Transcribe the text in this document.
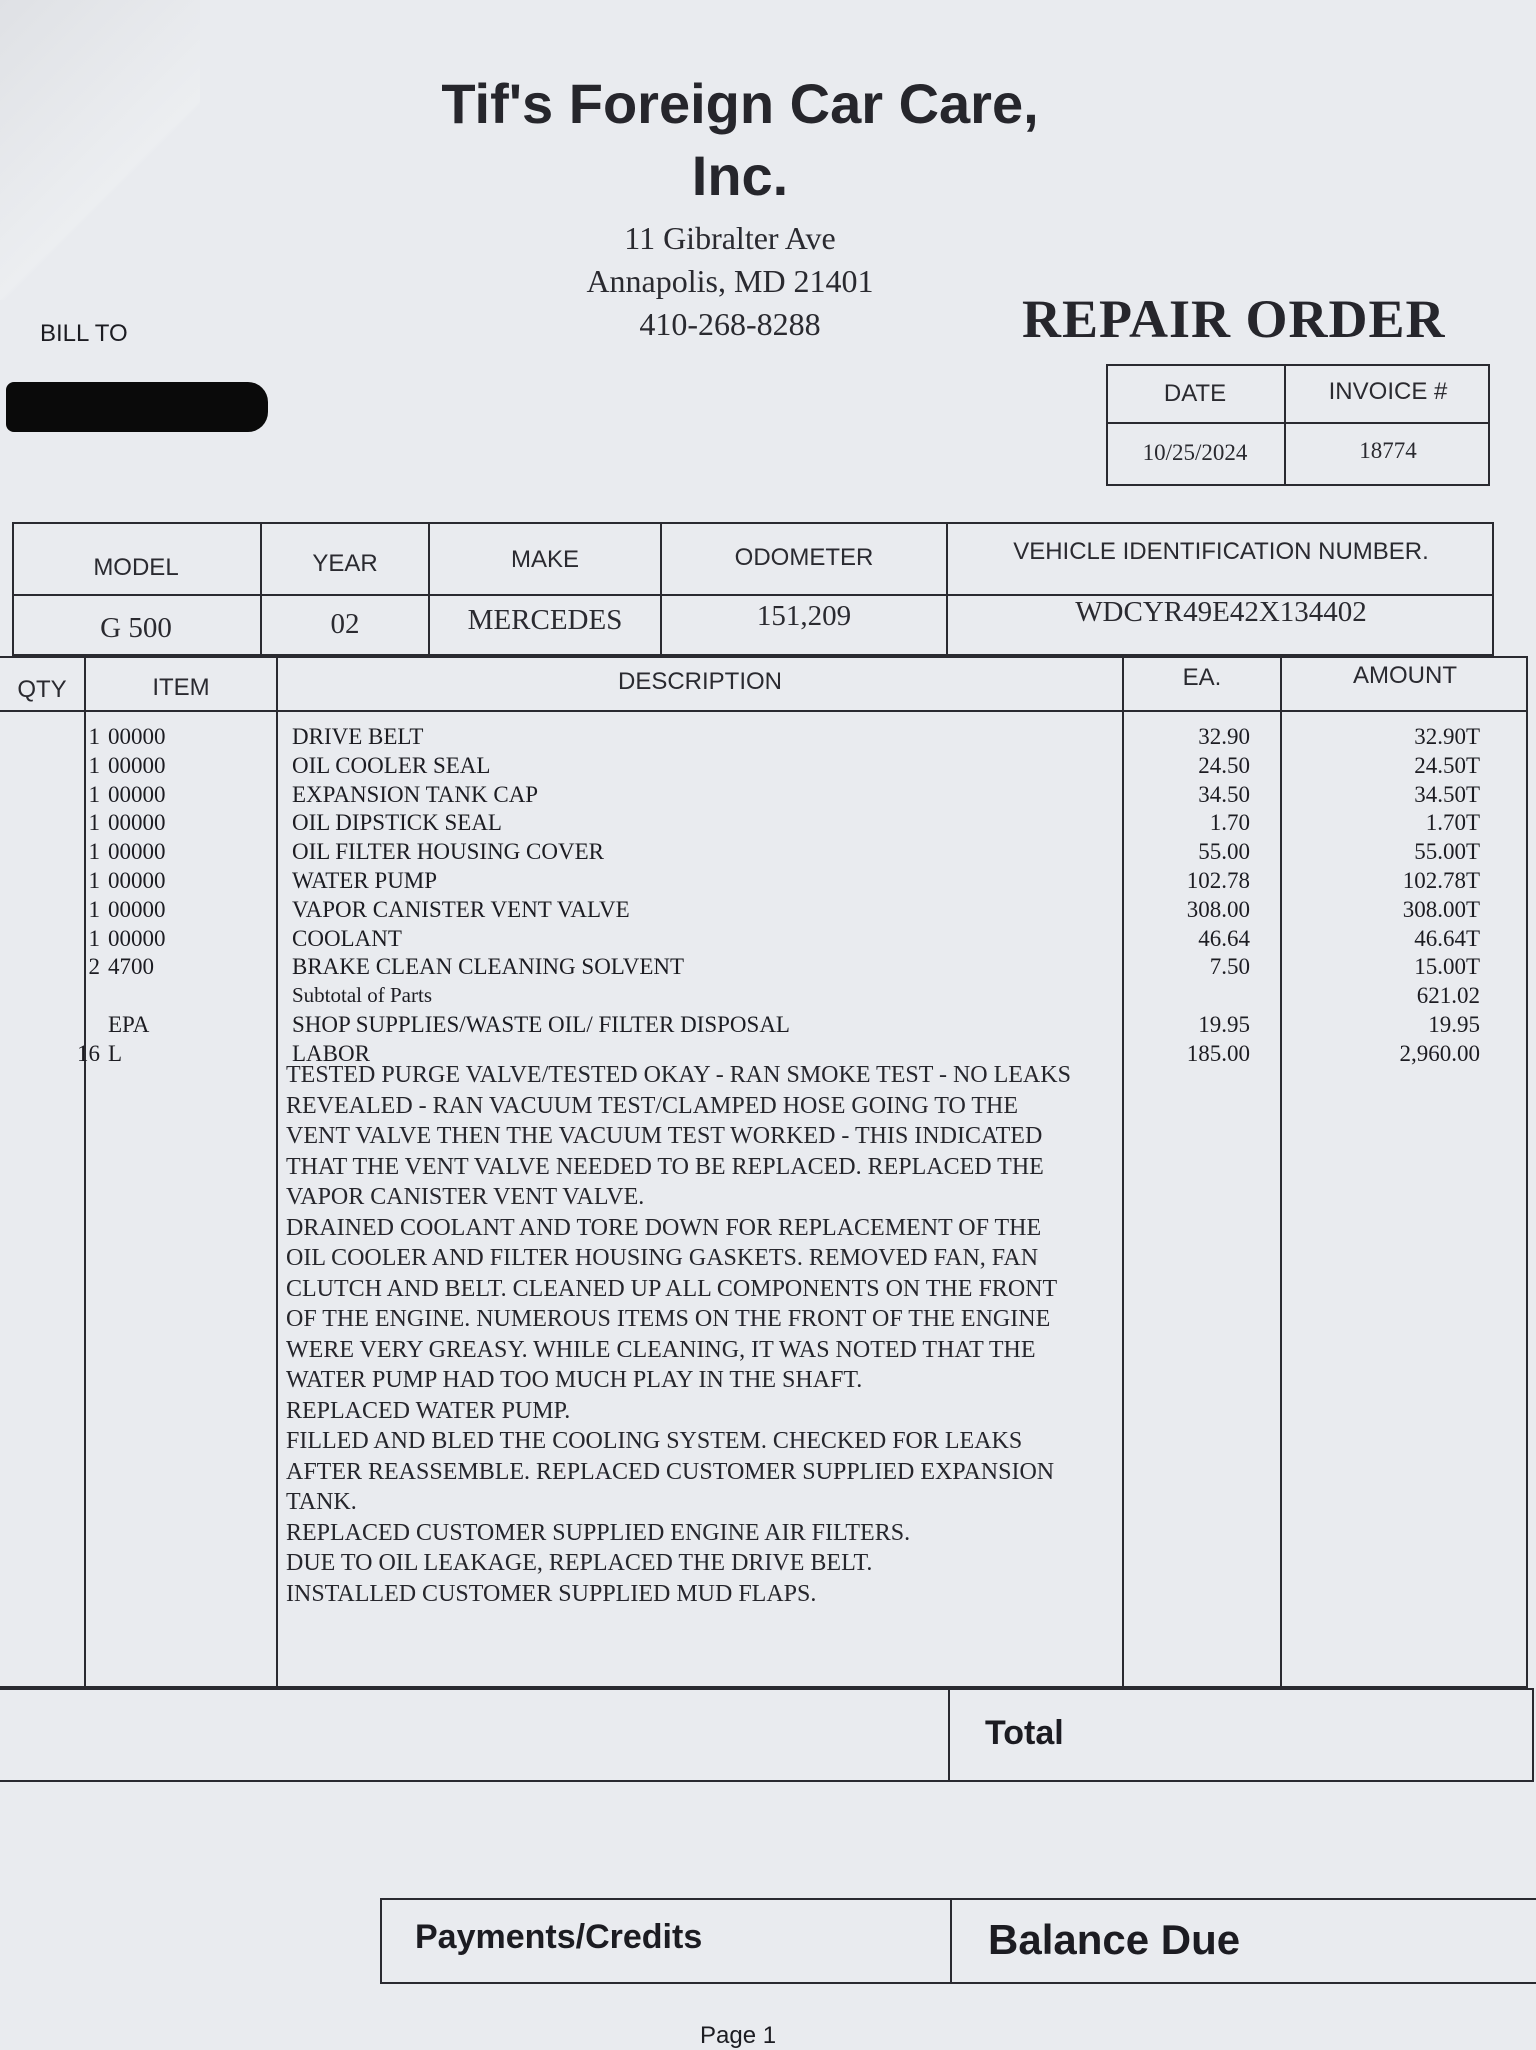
Tif's Foreign Car Care,
Inc.
11 Gibralter Ave
Annapolis, MD 21401
410-268-8288
BILL TO	REPAIR ORDER
DATE	INVOICE #
10/25/2024	18774
MODEL	YEAR	MAKE	ODOMETER	VEHICLE IDENTIFICATION NUMBER.
G 500	02	MERCEDES	151,209	WDCYR49E42X134402
QTY	ITEM	DESCRIPTION	EA.	AMOUNT
1 00000	DRIVE BELT	32.90	32.90T
1 00000	OIL COOLER SEAL	24.50	24.50T
1 00000	EXPANSION TANK CAP	34.50	34.50T
1 00000	OIL DIPSTICK SEAL	1.70	1.70T
1 00000	OIL FILTER HOUSING COVER	55.00	55.00T
1 00000	WATER PUMP	102.78	102.78T
1 00000	VAPOR CANISTER VENT VALVE	308.00	308.00T
1 00000	COOLANT	46.64	46.64T
2 4700	BRAKE CLEAN CLEANING SOLVENT	7.50	15.00T
Subtotal of Parts	621.02
EPA	SHOP SUPPLIES/WASTE OIL/ FILTER DISPOSAL	19.95	19.95
16 L	LABOR	185.00	2,960.00
TESTED PURGE VALVE/TESTED OKAY - RAN SMOKE TEST - NO LEAKS
REVEALED - RAN VACUUM TEST/CLAMPED HOSE GOING TO THE
VENT VALVE THEN THE VACUUM TEST WORKED - THIS INDICATED
THAT THE VENT VALVE NEEDED TO BE REPLACED. REPLACED THE
VAPOR CANISTER VENT VALVE.
DRAINED COOLANT AND TORE DOWN FOR REPLACEMENT OF THE
OIL COOLER AND FILTER HOUSING GASKETS. REMOVED FAN, FAN
CLUTCH AND BELT. CLEANED UP ALL COMPONENTS ON THE FRONT
OF THE ENGINE. NUMEROUS ITEMS ON THE FRONT OF THE ENGINE
WERE VERY GREASY. WHILE CLEANING, IT WAS NOTED THAT THE
WATER PUMP HAD TOO MUCH PLAY IN THE SHAFT.
REPLACED WATER PUMP.
FILLED AND BLED THE COOLING SYSTEM. CHECKED FOR LEAKS
AFTER REASSEMBLE. REPLACED CUSTOMER SUPPLIED EXPANSION
TANK.
REPLACED CUSTOMER SUPPLIED ENGINE AIR FILTERS.
DUE TO OIL LEAKAGE, REPLACED THE DRIVE BELT.
INSTALLED CUSTOMER SUPPLIED MUD FLAPS.
Total
Payments/Credits	Balance Due
Page 1
